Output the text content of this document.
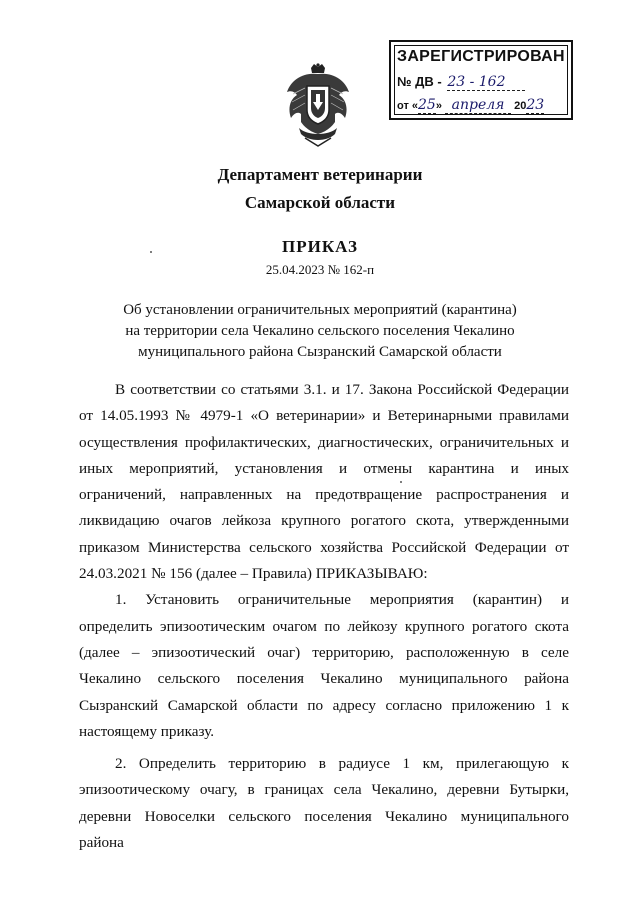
ЗАРЕГИСТРИРОВАН
№ ДВ - 23 - 162
от «25» апреля 2023
Департамент ветеринарии
Самарской области
ПРИКАЗ
25.04.2023 № 162-п
Об установлении ограничительных мероприятий (карантина)
на территории села Чекалино сельского поселения Чекалино
муниципального района Сызранский Самарской области

В соответствии со статьями 3.1. и 17. Закона Российской Федерации от 14.05.1993 № 4979-1 «О ветеринарии» и Ветеринарными правилами осуществления профилактических, диагностических, ограничительных и иных мероприятий, установления и отмены карантина и иных ограничений, направленных на предотвращение распространения и ликвидацию очагов лейкоза крупного рогатого скота, утвержденными приказом Министерства сельского хозяйства Российской Федерации от 24.03.2021 № 156 (далее – Правила) ПРИКАЗЫВАЮ:

1. Установить ограничительные мероприятия (карантин) и определить эпизоотическим очагом по лейкозу крупного рогатого скота (далее – эпизоотический очаг) территорию, расположенную в селе Чекалино сельского поселения Чекалино муниципального района Сызранский Самарской области по адресу согласно приложению 1 к настоящему приказу.

2. Определить территорию в радиусе 1 км, прилегающую к эпизоотическому очагу, в границах села Чекалино, деревни Бутырки, деревни Новоселки сельского поселения Чекалино муниципального района
